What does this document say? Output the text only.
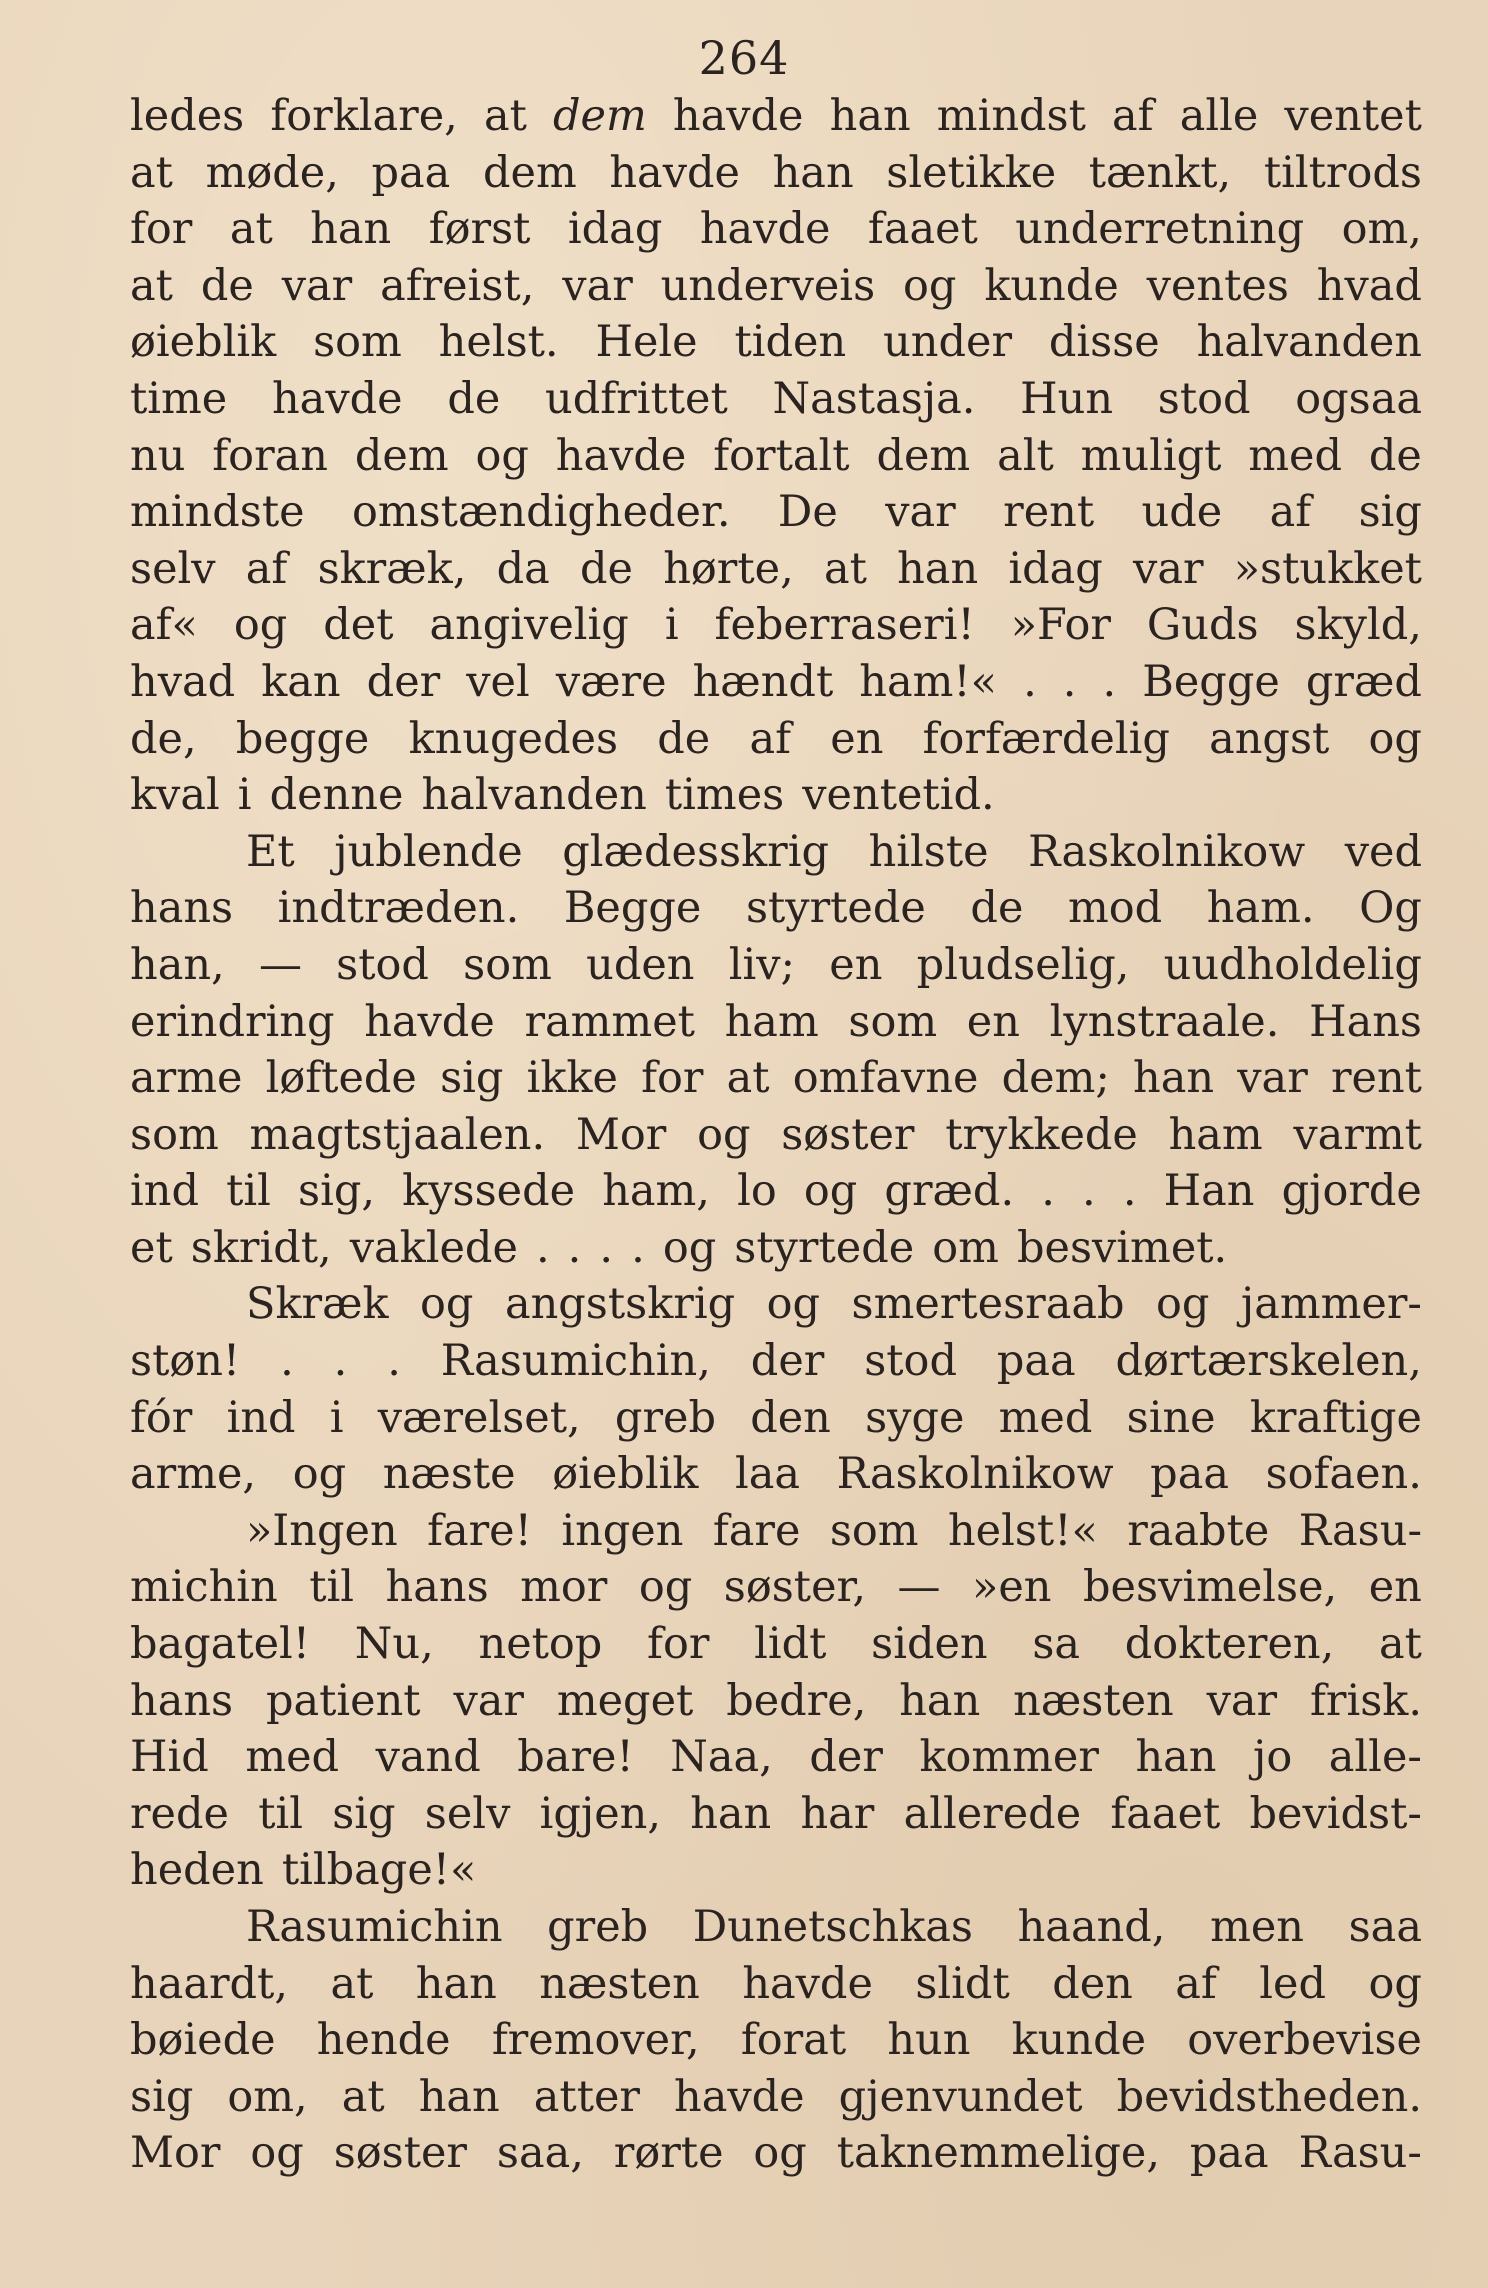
264
ledes forklare, at dem havde han mindst af alle ventet
at møde, paa dem havde han sletikke tænkt, tiltrods
for at han først idag havde faaet underretning om,
at de var afreist, var underveis og kunde ventes hvad
øieblik som helst. Hele tiden under disse halvanden
time havde de udfrittet Nastasja. Hun stod ogsaa
nu foran dem og havde fortalt dem alt muligt med de
mindste omstændigheder. De var rent ude af sig
selv af skræk, da de hørte, at han idag var »stukket
af« og det angivelig i feberraseri! »For Guds skyld,
hvad kan der vel være hændt ham!« . . . Begge græd
de, begge knugedes de af en forfærdelig angst og
kval i denne halvanden times ventetid.
Et jublende glædesskrig hilste Raskolnikow ved
hans indtræden. Begge styrtede de mod ham. Og
han, — stod som uden liv; en pludselig, uudholdelig
erindring havde rammet ham som en lynstraale. Hans
arme løftede sig ikke for at omfavne dem; han var rent
som magtstjaalen. Mor og søster trykkede ham varmt
ind til sig, kyssede ham, lo og græd. . . . Han gjorde
et skridt, vaklede . . . . og styrtede om besvimet.
Skræk og angstskrig og smertesraab og jammer-
støn! . . . Rasumichin, der stod paa dørtærskelen,
fór ind i værelset, greb den syge med sine kraftige
arme, og næste øieblik laa Raskolnikow paa sofaen.
»Ingen fare! ingen fare som helst!« raabte Rasu-
michin til hans mor og søster, — »en besvimelse, en
bagatel! Nu, netop for lidt siden sa dokteren, at
hans patient var meget bedre, han næsten var frisk.
Hid med vand bare! Naa, der kommer han jo alle-
rede til sig selv igjen, han har allerede faaet bevidst-
heden tilbage!«
Rasumichin greb Dunetschkas haand, men saa
haardt, at han næsten havde slidt den af led og
bøiede hende fremover, forat hun kunde overbevise
sig om, at han atter havde gjenvundet bevidstheden.
Mor og søster saa, rørte og taknemmelige, paa Rasu-
